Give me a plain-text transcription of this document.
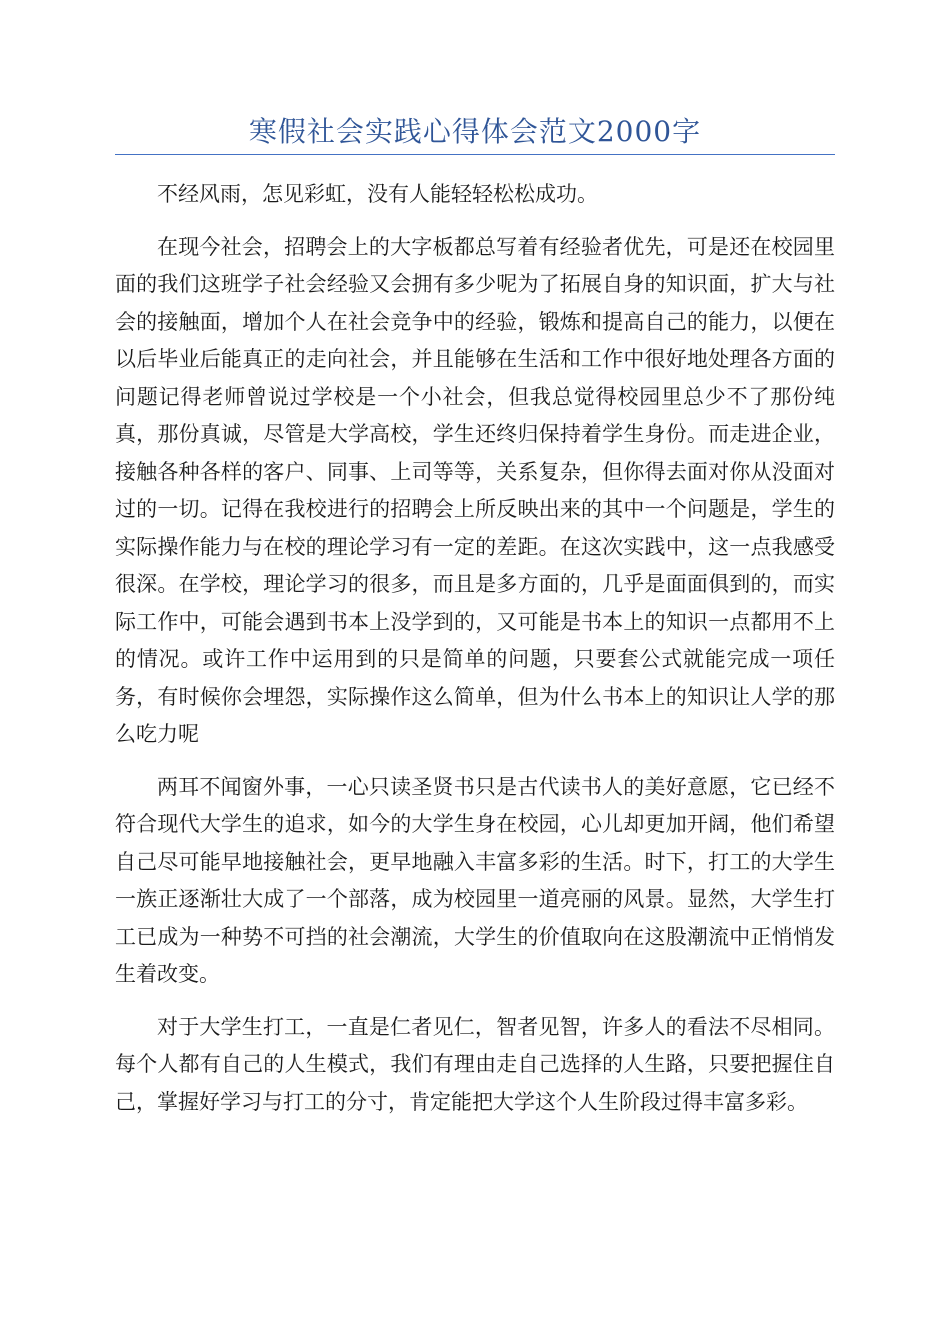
寒假社会实践心得体会范文2000字

不经风雨，怎见彩虹，没有人能轻轻松松成功。

在现今社会，招聘会上的大字板都总写着有经验者优先，可是还在校园里面的我们这班学子社会经验又会拥有多少呢为了拓展自身的知识面，扩大与社会的接触面，增加个人在社会竞争中的经验，锻炼和提高自己的能力，以便在以后毕业后能真正的走向社会，并且能够在生活和工作中很好地处理各方面的问题记得老师曾说过学校是一个小社会，但我总觉得校园里总少不了那份纯真，那份真诚，尽管是大学高校，学生还终归保持着学生身份。而走进企业，接触各种各样的客户、同事、上司等等，关系复杂，但你得去面对你从没面对过的一切。记得在我校进行的招聘会上所反映出来的其中一个问题是，学生的实际操作能力与在校的理论学习有一定的差距。在这次实践中，这一点我感受很深。在学校，理论学习的很多，而且是多方面的，几乎是面面俱到的，而实际工作中，可能会遇到书本上没学到的，又可能是书本上的知识一点都用不上的情况。或许工作中运用到的只是简单的问题，只要套公式就能完成一项任务，有时候你会埋怨，实际操作这么简单，但为什么书本上的知识让人学的那么吃力呢

两耳不闻窗外事，一心只读圣贤书只是古代读书人的美好意愿，它已经不符合现代大学生的追求，如今的大学生身在校园，心儿却更加开阔，他们希望自己尽可能早地接触社会，更早地融入丰富多彩的生活。时下，打工的大学生一族正逐渐壮大成了一个部落，成为校园里一道亮丽的风景。显然，大学生打工已成为一种势不可挡的社会潮流，大学生的价值取向在这股潮流中正悄悄发生着改变。

对于大学生打工，一直是仁者见仁，智者见智，许多人的看法不尽相同。每个人都有自己的人生模式，我们有理由走自己选择的人生路，只要把握住自己，掌握好学习与打工的分寸，肯定能把大学这个人生阶段过得丰富多彩。
